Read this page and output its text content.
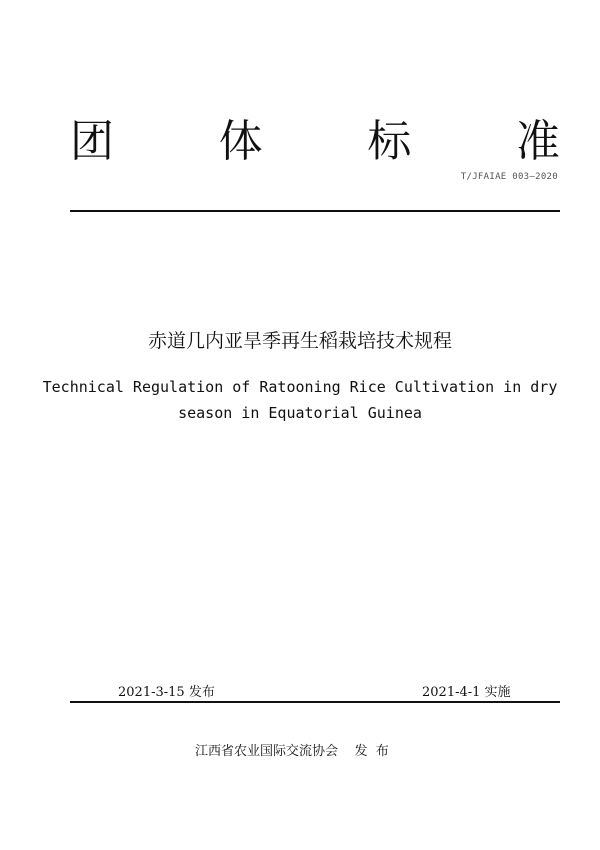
团 体 标 准
T/JFAIAE 003—2020
赤道几内亚旱季再生稻栽培技术规程
Technical Regulation of Ratooning Rice Cultivation in dry season in Equatorial Guinea
2021-3-15 发布	2021-4-1 实施
江西省农业国际交流协会    发  布
